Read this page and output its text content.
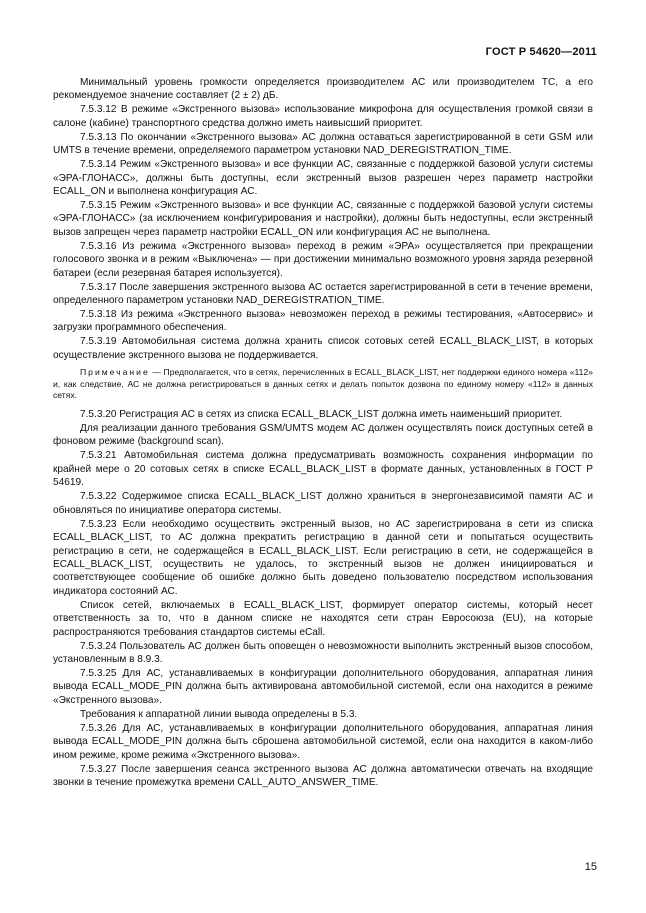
ГОСТ Р 54620—2011

Минимальный уровень громкости определяется производителем АС или производителем ТС, а его рекомендуемое значение составляет (2 ± 2) дБ.

7.5.3.12 В режиме «Экстренного вызова» использование микрофона для осуществления громкой связи в салоне (кабине) транспортного средства должно иметь наивысший приоритет.

7.5.3.13 По окончании «Экстренного вызова» АС должна оставаться зарегистрированной в сети GSM или UMTS в течение времени, определяемого параметром установки NAD_DEREGISTRATION_TIME.

7.5.3.14 Режим «Экстренного вызова» и все функции АС, связанные с поддержкой базовой услуги системы «ЭРА-ГЛОНАСС», должны быть доступны, если экстренный вызов разрешен через параметр настройки ECALL_ON и выполнена конфигурация АС.

7.5.3.15 Режим «Экстренного вызова» и все функции АС, связанные с поддержкой базовой услуги системы «ЭРА-ГЛОНАСС» (за исключением конфигурирования и настройки), должны быть недоступны, если экстренный вызов запрещен через параметр настройки ECALL_ON или конфигурация АС не выполнена.

7.5.3.16 Из режима «Экстренного вызова» переход в режим «ЭРА» осуществляется при прекращении голосового звонка и в режим «Выключена» — при достижении минимально возможного уровня заряда резервной батареи (если резервная батарея используется).

7.5.3.17 После завершения экстренного вызова АС остается зарегистрированной в сети в течение времени, определенного параметром установки NAD_DEREGISTRATION_TIME.

7.5.3.18 Из режима «Экстренного вызова» невозможен переход в режимы тестирования, «Автосервис» и загрузки программного обеспечения.

7.5.3.19 Автомобильная система должна хранить список сотовых сетей ECALL_BLACK_LIST, в которых осуществление экстренного вызова не поддерживается.

Примечание — Предполагается, что в сетях, перечисленных в ECALL_BLACK_LIST, нет поддержки единого номера «112» и, как следствие, АС не должна регистрироваться в данных сетях и делать попыток дозвона по единому номеру «112» в данных сетях.

7.5.3.20 Регистрация АС в сетях из списка ECALL_BLACK_LIST должна иметь наименьший приоритет.

Для реализации данного требования GSM/UMTS модем АС должен осуществлять поиск доступных сетей в фоновом режиме (background scan).

7.5.3.21 Автомобильная система должна предусматривать возможность сохранения информации по крайней мере о 20 сотовых сетях в списке ECALL_BLACK_LIST в формате данных, установленных в ГОСТ Р 54619.

7.5.3.22 Содержимое списка ECALL_BLACK_LIST должно храниться в энергонезависимой памяти АС и обновляться по инициативе оператора системы.

7.5.3.23 Если необходимо осуществить экстренный вызов, но АС зарегистрирована в сети из списка ECALL_BLACK_LIST, то АС должна прекратить регистрацию в данной сети и попытаться осуществить регистрацию в сети, не содержащейся в ECALL_BLACK_LIST. Если регистрацию в сети, не содержащейся в ECALL_BLACK_LIST, осуществить не удалось, то экстренный вызов не должен инициироваться и соответствующее сообщение об ошибке должно быть доведено пользователю посредством использования индикатора состояний АС.

Список сетей, включаемых в ECALL_BLACK_LIST, формирует оператор системы, который несет ответственность за то, что в данном списке не находятся сети стран Евросоюза (EU), на которые распространяются требования стандартов системы eCall.

7.5.3.24 Пользователь АС должен быть оповещен о невозможности выполнить экстренный вызов способом, установленным в 8.9.3.

7.5.3.25 Для АС, устанавливаемых в конфигурации дополнительного оборудования, аппаратная линия вывода ECALL_MODE_PIN должна быть активирована автомобильной системой, если она находится в режиме «Экстренного вызова».

Требования к аппаратной линии вывода определены в 5.3.

7.5.3.26 Для АС, устанавливаемых в конфигурации дополнительного оборудования, аппаратная линия вывода ECALL_MODE_PIN должна быть сброшена автомобильной системой, если она находится в каком-либо ином режиме, кроме режима «Экстренного вызова».

7.5.3.27 После завершения сеанса экстренного вызова АС должна автоматически отвечать на входящие звонки в течение промежутка времени CALL_AUTO_ANSWER_TIME.

15
